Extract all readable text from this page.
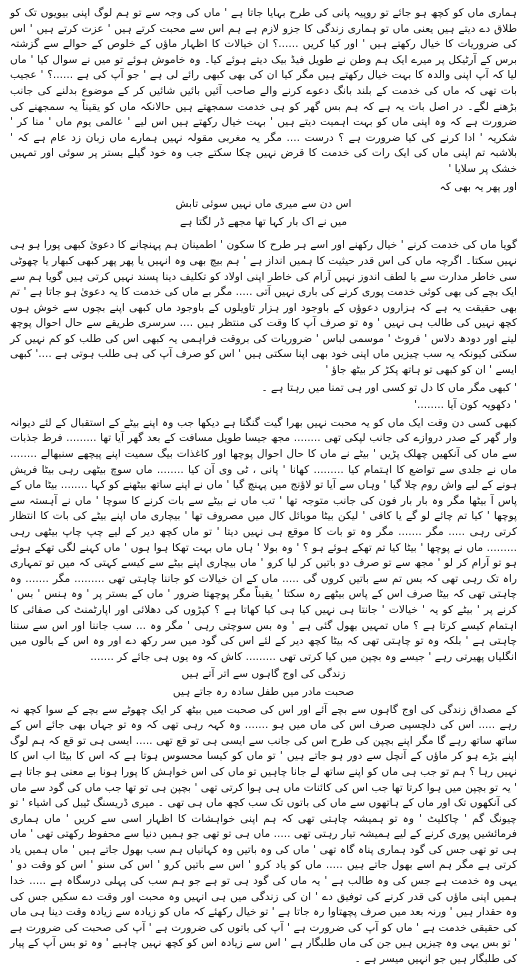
ہماری ماں کو کچھ ہو جائے تو روپیہ پانی کی طرح بہایا جاتا ہے ' ماں کی وجہ سے تو ہم لوگ اپنی بیویوں تک کو طلاق دے دیتے ہیں یعنی ماں تو ہماری زندگی کا جزو لازم ہے ہم اس سے محبت کرتے ہیں ' عزت کرتے ہیں ' اس کی ضروریات کا خیال رکھتے ہیں ' اور کیا کریں ......؟ ان خیالات کا اظہار ماؤں کے خلوص کے حوالے سے گزشتہ برس کے آرٹیکل پر میرے ایک ہم وطن نے طویل فیڈ بیک دیتے ہوئے کیا۔ وہ خاموش ہوئے تو میں نے سوال کیا ' ماں لیا کہ آپ اپنی والدہ کا بہت خیال رکھتے ہیں مگر کیا ان کی بھی کبھی رائے لی ہے ' جو آپ کی ہے ......؟ ' عجیب بات تھی کہ ماں کی خدمت کے بلند بانگ دعوے کرنے والے صاحب آئیں بائیں شائیں کر کے موضوع بدلنے کی جانب بڑھنے لگے۔ در اصل بات یہ ہے کہ ہم بس گھر کو ہی خدمت سمجھتے ہیں حالانکہ ماں کو یقیناً یہ سمجھنے کی ضرورت ہے کہ وہ اپنی ماں کو بہت اہمیت دیتے ہیں ' بہت خیال رکھتے ہیں اس لیے ' عالمی یوم ماں ' منا کر ' شکریہ ' ادا کرنے کی کیا ضرورت ہے ؟ درست .... مگر یہ مغربی مقولہ نہیں ہمارے ماں زبان زد عام ہے کہ ' بلاشبہ تم اپنی ماں کی ایک رات کی خدمت کا قرض نہیں چکا سکتے جب وہ خود گیلے بستر پر سوئی اور تمہیں خشک پر سلایا '

اور پھر یہ بھی کہ

اس دن سے میری ماں نہیں سوئی تابش

میں نے اک بار کہا تھا مجھے ڈر لگتا ہے

گویا ماں کی خدمت کرنے ' خیال رکھنے اور اسے ہر طرح کا سکون ' اطمینان ہم پہنچانے کا دعویٰ کبھی پورا ہو ہی نہیں سکتا۔ اگرچہ ماں کی اس قدر حیثیت کا ہمیں انداز ہے ' ہم بیچ بھی وہ انہیں یا پھر پھر کبھی کبھار یا چھوٹی سی خاطر مدارت سے یا لطف اندوز نہیں آرام کی خاطر اپنی اولاد کو تکلیف دینا پسند نہیں کرتی ہیں گویا ہم سے ایک بچے کی بھی کوئی خدمت پوری کرنے کی باری نہیں آتی ..... مگر بے ماں کی خدمت کا یہ دعویٰ ہو جاتا ہے ' تم بھی حقیقت یہ ہے کہ ہزاروں دعوؤں کے باوجود اور ہزار تاویلوں کے باوجود ماں کبھی اپنے بچوں سے خوش ہوں کچھ نہیں کی طالب ہی نہیں ' وہ تو صرف آپ کا وقت کی منتظر ہیں .... سرسری طریقے سے حال احوال پوچھ لینے اور دودھ دلاس ' فروٹ ' موسمی لباس ' ضروریات کی بروقت فراہمی یہ کبھی اس کی طلب کو کم نہیں کر سکتی کیونکہ یہ سب چیزیں ماں اپنی خود بھی اپنا سکتی ہیں ' اس کو صرف آپ کی ہی طلب ہوتی ہے ....' کبھی ایسے ' ان کو کبھی تو ہاتھ پکڑ کر بیٹھ جاؤ '

' کبھی مگر ماں کا دل تو کسی اور ہی تمنا میں رہتا ہے ۔

' دکھویہ کون آیا ........'

کبھی کسی دن وقت ایک ماں کو یہ محبت نہیں بھرا گیت گنگنا ہے دیکھا جب وہ اپنے بیٹے کے استقبال کے لئے دیوانہ وار گھر کے صدر دروازے کی جانب لپکی تھی ........ مجھ جیسا طویل مسافت کے بعد گھر آیا تھا ......... فرط جذبات سے ماں کی آنکھیں چھلک پڑیں ' بیٹے نے ماں کا حال احوال پوچھا اور کاغذات بیگ سمیت اپنے پیچھے سنبھالے ........ ماں نے جلدی سے تواضع کا اہتمام کیا ......... کھانا ' پانی ، ٹی وی آن کیا ........ ماں سوچ بیٹھی رہی بیٹا فریش ہونے کے لیے واش روم چلا گیا ' وہاں سے آیا تو لاؤنج میں پہنچ گیا ' ماں نے اپنے ساتھ بیٹھنے کو کہا ........ بیٹا ماں کے پاس آ بیٹھا مگر وہ بار بار فون کی جانب متوجہ تھا ' تب ماں نے بیٹے سے بات کرنے کا سوچا ' ماں نے آہستہ سے پوچھا ' کیا تم چائے لو گے یا کافی ' لیکن بیٹا موبائل کال میں مصروف تھا ' بیچاری ماں اپنے بیٹے کی بات کا انتظار کرتی رہی ..... مگر ....... مگر وہ تو بات کا موقع ہی نہیں دیتا ' تو ماں کچھ دیر کے لیے چپ چاپ بیٹھی رہی ......... ماں نے پوچھا ' بیٹا کیا تم تھکے ہوئے ہو ؟ ' وہ بولا ' ہاں ماں بہت تھکا ہوا ہوں ' ماں کہنے لگی تھکے ہوئے ہو تو آرام کر لو ' مجھ سے تو صرف دو باتیں کر لیا کرو ' ماں بیچاری اپنے بیٹے سے کیسے کہتی کہ میں تو تمہاری راہ تک رہی تھی کہ بس تم سے باتیں کروں گی ..... ماں کے ان خیالات کو جاننا چاہتی تھی ......... مگر ....... وہ چاہتی تھی کہ بیٹا صرف اس کے پاس بیٹھے رہ سکتا ' یقیناً مگر پوچھتا ضرور ' ماں کے بستر پر ' وہ ہنس ' بس ' کرنے پر ' بیٹے کو یہ ' خیالات ' جانتا ہی نہیں کیا ہی کیا کھاتا ہے ؟ کپڑوں کی دھلائی اور اپارٹمنٹ کی صفائی کا اہتمام کیسے کرتا ہے ؟ ماں تمہیں بھول گئی ہے ' وہ بس سوچتی رہی ' مگر وہ ... سب جاننا اور اس سے سننا چاہتی ہے ' بلکہ وہ تو چاہتی تھی کہ بیٹا کچھ دیر کے لئے اس کی گود میں سر رکھ دے اور وہ اس کے بالوں میں انگلیاں پھیرتی رہے ' جیسے وہ بچپن میں کیا کرتی تھی ......... کاش کہ وہ یوں ہی جائے کر .......

زندگی کی اوج گاہوں سے اتر آتے ہیں

صحبت مادر میں طفل سادہ رہ جاتے ہیں

کے مصداق زندگی کی اوج گاہوں سے بچے آئے اور اس کی صحبت میں بیٹھ کر ایک چھوٹے سے بچے کے سوا کچھ نہ رہے ..... اس کی دلچسپی صرف اس کی ماں میں ہو ....... وہ کہہ رہی تھی کہ وہ تو جہاں بھی جائے اس کے ساتھ ساتھ رہے گا مگر اپنے بچپن کی طرح اس کی جانب سے ایسی ہی تو قع تھی ..... ایسی ہی تو قع کہ ہم لوگ اپنے بڑے ہو کر ماؤں کے آنچل سے دور ہو جاتے ہیں ' تو ماں کو کیسا محسوس ہوتا ہے کہ اس کا بیٹا اب اس کا نہیں رہا ؟ ہم تو جب ہی ماں کو اپنے ساتھ لے جانا چاہیں تو ماں کی اس خواہش کا پورا ہونا بے معنی ہو جاتا ہے ' یہ تو بچپن میں ہوا کرتا تھا جب اس کی کائنات ماں ہی ہوا کرتی تھی ' بچپن ہی تو تھا جب ماں کی گود سے ماں کی آنکھوں تک اور ماں کے ہاتھوں سے ماں کی باتوں تک سب کچھ ماں ہی تھی ۔ میری ڈریسنگ ٹیبل کی اشیاء ' تو چیونگ گم ' چاکلیٹ ' وہ تو ہمیشہ چاہتی تھی کہ ہم اپنی خواہشات کا اظہار اسی سے کریں ' ماں ہماری فرمائشیں پوری کرنے کے لیے ہمیشہ تیار رہتی تھی ..... ماں ہی تو تھی جو ہمیں دنیا سے محفوظ رکھتی تھی ' ماں ہی تو تھی جس کی گود ہماری پناہ گاہ تھی ' ماں کی وہ باتیں وہ کہانیاں ہم سب بھول جاتے ہیں ' ماں ہمیں یاد کرتی ہے مگر ہم اسے بھول جاتے ہیں ..... ماں کو یاد کرو ' اس سے باتیں کرو ' اس کی سنو ' اس کو وقت دو ' یہی وہ خدمت ہے جس کی وہ طالب ہے ' یہ ماں کی گود ہی تو ہے جو ہم سب کی پہلی درسگاہ ہے ..... خدا ہمیں اپنی ماؤں کی قدر کرنے کی توفیق دے ' ان کی زندگی میں ہی انہیں وہ محبت اور وقت دے سکیں جس کی وہ حقدار ہیں ' ورنہ بعد میں صرف پچھتاوا رہ جاتا ہے ' تو خیال رکھئے کہ ماں کو زیادہ سے زیادہ وقت دینا ہی ماں کی حقیقی خدمت ہے ' ماں کو آپ کی ضرورت ہے ' آپ کی باتوں کی ضرورت ہے ' آپ کی صحبت کی ضرورت ہے ' تو بس یہی وہ چیزیں ہیں جن کی ماں طلبگار ہے ' اس سے زیادہ اس کو کچھ نہیں چاہیے ' وہ تو بس آپ کے پیار کی طلبگار ہیں جو انہیں میسر ہے ۔
